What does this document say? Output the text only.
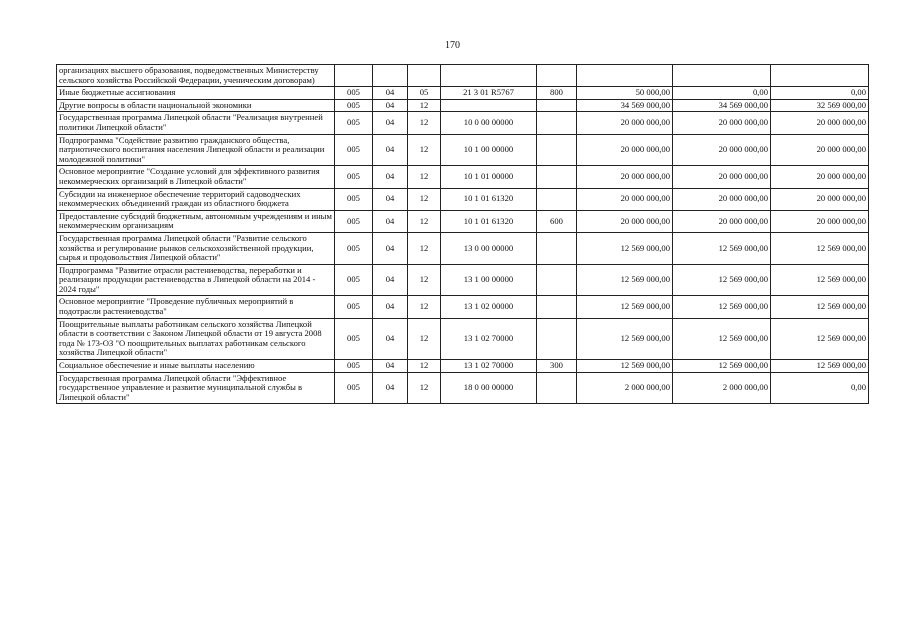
170
организациях высшего образования, подведомственных Министерству сельского хозяйства Российской Федерации, ученическим договорам)								
Иные бюджетные ассигнования	005	04	05	21 3 01 R5767	800	50 000,00	0,00	0,00
Другие вопросы в области национальной экономики	005	04	12			34 569 000,00	34 569 000,00	32 569 000,00
Государственная программа Липецкой области "Реализация внутренней политики Липецкой области"	005	04	12	10 0 00 00000		20 000 000,00	20 000 000,00	20 000 000,00
Подпрограмма "Содействие развитию гражданского общества, патриотического воспитания населения Липецкой области и реализации молодежной политики"	005	04	12	10 1 00 00000		20 000 000,00	20 000 000,00	20 000 000,00
Основное мероприятие "Создание условий для эффективного развития некоммерческих организаций в Липецкой области"	005	04	12	10 1 01 00000		20 000 000,00	20 000 000,00	20 000 000,00
Субсидии на инженерное обеспечение территорий садоводческих некоммерческих объединений граждан из областного бюджета	005	04	12	10 1 01 61320		20 000 000,00	20 000 000,00	20 000 000,00
Предоставление субсидий бюджетным, автономным учреждениям и иным некоммерческим организациям	005	04	12	10 1 01 61320	600	20 000 000,00	20 000 000,00	20 000 000,00
Государственная программа Липецкой области "Развитие сельского хозяйства и регулирование рынков сельскохозяйственной продукции, сырья и продовольствия Липецкой области"	005	04	12	13 0 00 00000		12 569 000,00	12 569 000,00	12 569 000,00
Подпрограмма "Развитие отрасли растениеводства, переработки и реализации продукции растениеводства в Липецкой области на 2014 - 2024 годы"	005	04	12	13 1 00 00000		12 569 000,00	12 569 000,00	12 569 000,00
Основное мероприятие "Проведение публичных мероприятий в подотрасли растениеводства"	005	04	12	13 1 02 00000		12 569 000,00	12 569 000,00	12 569 000,00
Поощрительные выплаты работникам сельского хозяйства Липецкой области в соответствии с Законом Липецкой области от 19 августа 2008 года № 173-ОЗ "О поощрительных выплатах работникам сельского хозяйства Липецкой области"	005	04	12	13 1 02 70000		12 569 000,00	12 569 000,00	12 569 000,00
Социальное обеспечение и иные выплаты населению	005	04	12	13 1 02 70000	300	12 569 000,00	12 569 000,00	12 569 000,00
Государственная программа Липецкой области "Эффективное государственное управление и развитие муниципальной службы в Липецкой области"	005	04	12	18 0 00 00000		2 000 000,00	2 000 000,00	0,00
